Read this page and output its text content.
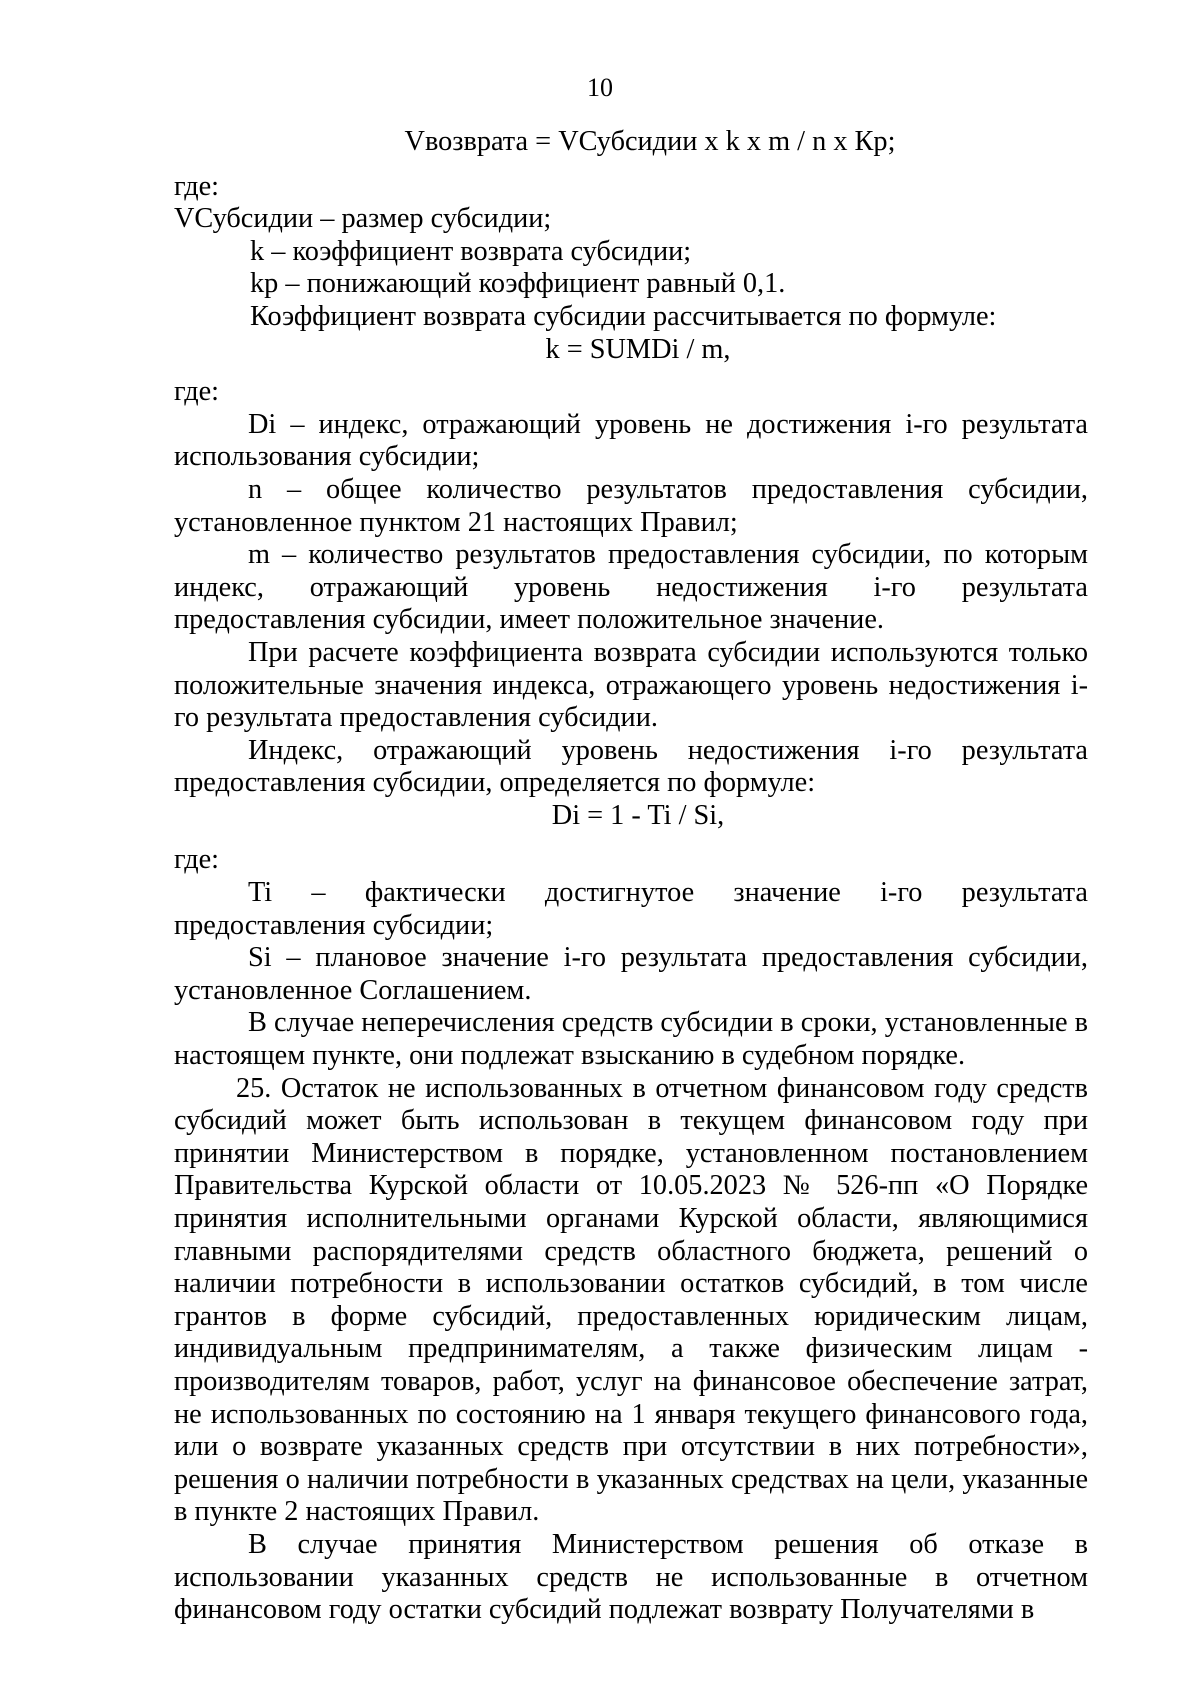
10

Vвозврата = VСубсидии x k x m / n x Кр;

где:

VСубсидии – размер субсидии;

k – коэффициент возврата субсидии;

kр – понижающий коэффициент равный 0,1.

Коэффициент возврата субсидии рассчитывается по формуле:

k = SUMDi / m,

где:

Di – индекс, отражающий уровень не достижения i-го результата использования субсидии;

n – общее количество результатов предоставления субсидии, установленное пунктом 21 настоящих Правил;

m – количество результатов предоставления субсидии, по которым индекс, отражающий уровень недостижения i-го результата предоставления субсидии, имеет положительное значение.

При расчете коэффициента возврата субсидии используются только положительные значения индекса, отражающего уровень недостижения i-го результата предоставления субсидии.

Индекс, отражающий уровень недостижения i-го результата предоставления субсидии, определяется по формуле:

Di = 1 - Ti / Si,

где:

Ti – фактически достигнутое значение i-го результата предоставления субсидии;

Si – плановое значение i-го результата предоставления субсидии, установленное Соглашением.

В случае неперечисления средств субсидии в сроки, установленные в настоящем пункте, они подлежат взысканию в судебном порядке.

25. Остаток не использованных в отчетном финансовом году средств субсидий может быть использован в текущем финансовом году при принятии Министерством в порядке, установленном постановлением Правительства Курской области от 10.05.2023 № 526-пп «О Порядке принятия исполнительными органами Курской области, являющимися главными распорядителями средств областного бюджета, решений о наличии потребности в использовании остатков субсидий, в том числе грантов в форме субсидий, предоставленных юридическим лицам, индивидуальным предпринимателям, а также физическим лицам - производителям товаров, работ, услуг на финансовое обеспечение затрат, не использованных по состоянию на 1 января текущего финансового года, или о возврате указанных средств при отсутствии в них потребности», решения о наличии потребности в указанных средствах на цели, указанные в пункте 2 настоящих Правил.

В случае принятия Министерством решения об отказе в использовании указанных средств не использованные в отчетном финансовом году остатки субсидий подлежат возврату Получателями в
